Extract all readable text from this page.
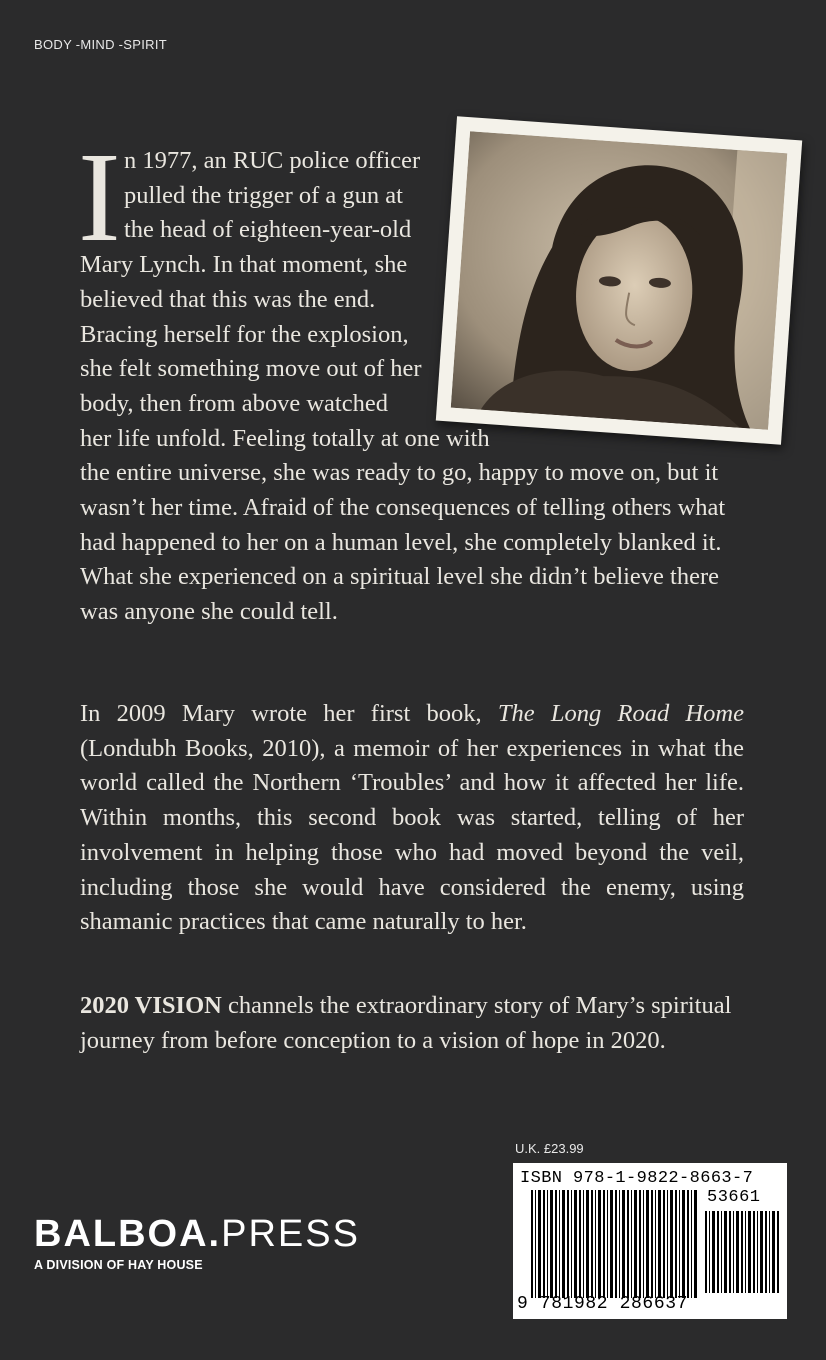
BODY -MIND -SPIRIT
I n 1977, an RUC police officer
pulled the trigger of a gun at
the head of eighteen-year-old
Mary Lynch. In that moment, she
believed that this was the end.
Bracing herself for the explosion,
she felt something move out of her
body, then from above watched
her life unfold. Feeling totally at one with
the entire universe, she was ready to go, happy to move on, but it
wasn’t her time. Afraid of the consequences of telling others what
had happened to her on a human level, she completely blanked it.
What she experienced on a spiritual level she didn’t believe there
was anyone she could tell.
In 2009 Mary wrote her first book, The Long Road Home (Londubh Books, 2010), a memoir of her experiences in what the world called the Northern ‘Troubles’ and how it affected her life. Within months, this second book was started, telling of her involvement in helping those who had moved beyond the veil, including those she would have considered the enemy, using shamanic practices that came naturally to her.
2020 VISION channels the extraordinary story of Mary’s spiritual journey from before conception to a vision of hope in 2020.
U.K. £23.99
ISBN 978-1-9822-8663-7
53661
9 781982 286637
BALBOA.PRESS
A DIVISION OF HAY HOUSE
